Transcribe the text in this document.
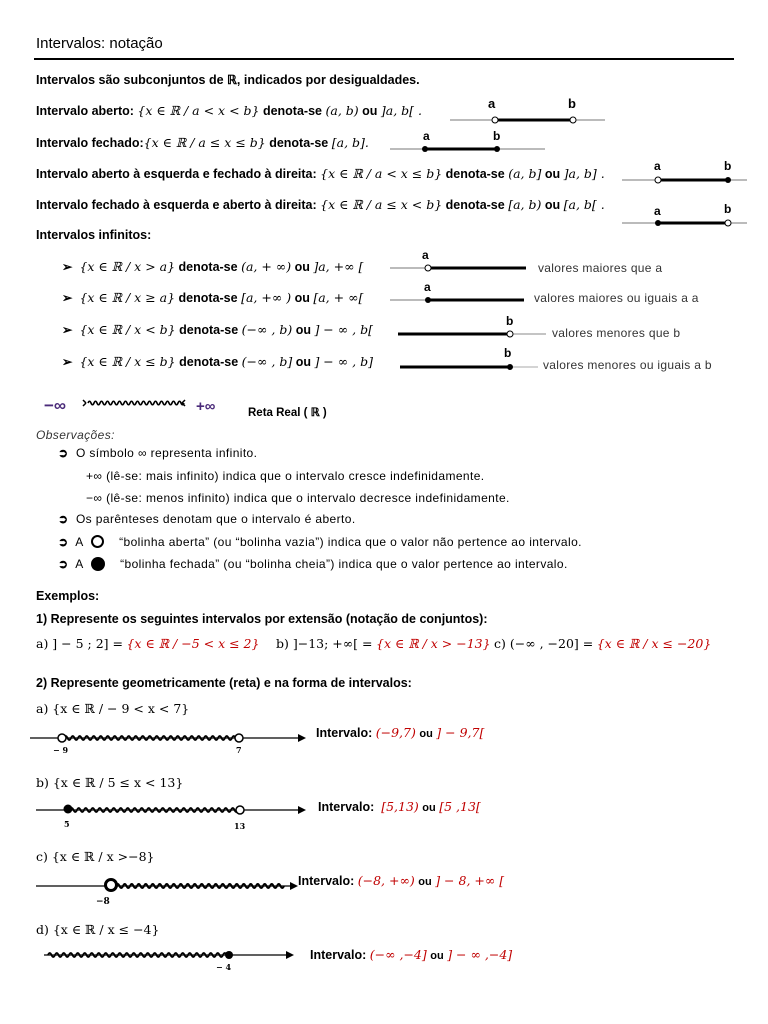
Intervalos: notação
Intervalos são subconjuntos de ℝ, indicados por desigualdades.
Intervalo aberto: {x ∈ ℝ / a < x < b} denota-se (a, b) ou ]a, b[ .
Intervalo fechado:{x ∈ ℝ / a ≤ x ≤ b} denota-se [a, b].
Intervalo aberto à esquerda e fechado à direita: {x ∈ ℝ / a < x ≤ b} denota-se (a, b] ou ]a, b] .
Intervalo fechado à esquerda e aberto à direita: {x ∈ ℝ / a ≤ x < b} denota-se [a, b) ou [a, b[ .
a	b
a	b
a	b
a	b
Intervalos infinitos:
➢ {x ∈ ℝ / x > a} denota-se (a, + ∞) ou ]a, +∞ [
➢ {x ∈ ℝ / x ≥ a} denota-se [a, +∞ ) ou [a, + ∞[
➢ {x ∈ ℝ / x < b} denota-se (−∞ , b) ou ] − ∞ , b[
➢ {x ∈ ℝ / x ≤ b} denota-se (−∞ , b] ou ] − ∞ , b]
a
valores maiores que a
a
valores maiores ou iguais a a
b
valores menores que b
b
valores menores ou iguais a b
−∞	+∞	Reta Real ( ℝ )
Observações:
➲ O símbolo ∞ representa infinito.
+∞ (lê-se: mais infinito) indica que o intervalo cresce indefinidamente.
−∞ (lê-se: menos infinito) indica que o intervalo decresce indefinidamente.
➲ Os parênteses denotam que o intervalo é aberto.
➲ A	“bolinha aberta” (ou “bolinha vazia”) indica que o valor não pertence ao intervalo.
➲ A	“bolinha fechada” (ou “bolinha cheia”) indica que o valor pertence ao intervalo.
Exemplos:
1) Represente os seguintes intervalos por extensão (notação de conjuntos):
a) ] − 5 ; 2] = {x ∈ ℝ / −5 < x ≤ 2} b) ]−13; +∞[ = {x ∈ ℝ / x > −13} c) (−∞ , −20] = {x ∈ ℝ / x ≤ −20}
2) Represente geometricamente (reta) e na forma de intervalos:
a) {x ∈ ℝ / − 9 < x < 7}
− 9	7
Intervalo: (−9,7) ou ] − 9,7[
b) {x ∈ ℝ / 5 ≤ x < 13}
5	13
Intervalo: [5,13) ou [5 ,13[
c) {x ∈ ℝ / x >−8}
−8
Intervalo: (−8, +∞) ou ] − 8, +∞ [
d) {x ∈ ℝ / x ≤ −4}
− 4
Intervalo: (−∞ ,−4] ou ] − ∞ ,−4]
